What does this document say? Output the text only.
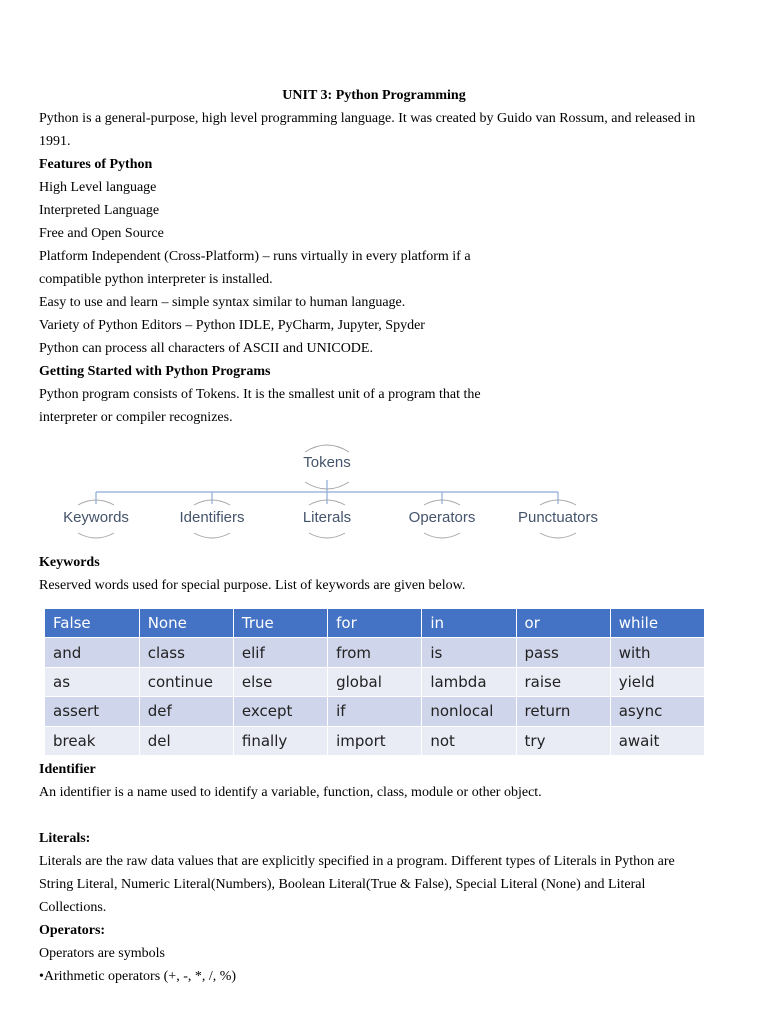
UNIT 3: Python Programming
Python is a general-purpose, high level programming language. It was created by Guido van Rossum, and released in
1991.
Features of Python
High Level language
Interpreted Language
Free and Open Source
Platform Independent (Cross-Platform) – runs virtually in every platform if a
compatible python interpreter is installed.
Easy to use and learn – simple syntax similar to human language.
Variety of Python Editors – Python IDLE, PyCharm, Jupyter, Spyder
Python can process all characters of ASCII and UNICODE.
Getting Started with Python Programs
Python program consists of Tokens. It is the smallest unit of a program that the
interpreter or compiler recognizes.
Tokens
Keywords	Identifiers	Literals	Operators	Punctuators
Keywords
Reserved words used for special purpose. List of keywords are given below.
False	None	True	for	in	or	while
and	class	elif	from	is	pass	with
as	continue	else	global	lambda	raise	yield
assert	def	except	if	nonlocal	return	async
break	del	finally	import	not	try	await
Identifier
An identifier is a name used to identify a variable, function, class, module or other object.
Literals:
Literals are the raw data values that are explicitly specified in a program. Different types of Literals in Python are
String Literal, Numeric Literal(Numbers), Boolean Literal(True & False), Special Literal (None) and Literal
Collections.
Operators:
Operators are symbols
•Arithmetic operators (+, -, *, /, %)
